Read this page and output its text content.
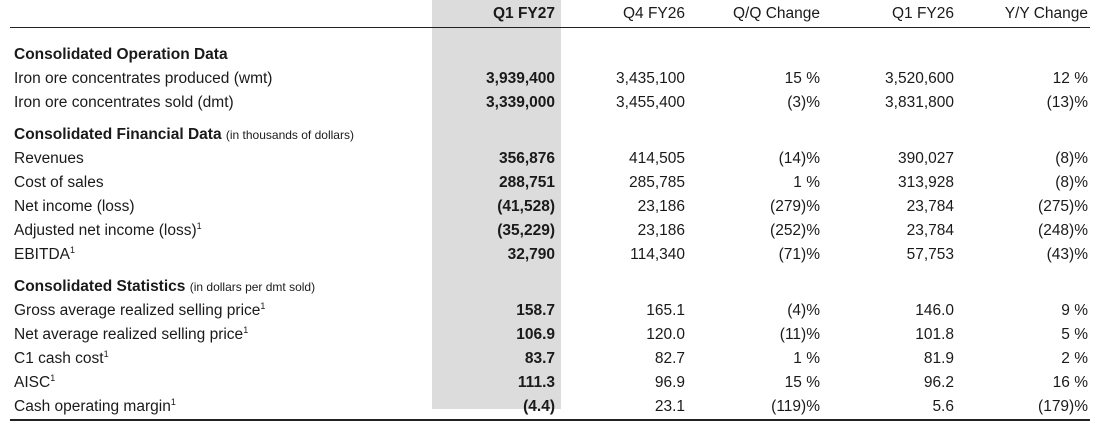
	Q1 FY27	Q4 FY26	Q/Q Change	Q1 FY26	Y/Y Change
Consolidated Operation Data					
Iron ore concentrates produced (wmt)	3,939,400	3,435,100	15 %	3,520,600	12 %
Iron ore concentrates sold (dmt)	3,339,000	3,455,400	(3)%	3,831,800	(13)%
Consolidated Financial Data (in thousands of dollars)					
Revenues	356,876	414,505	(14)%	390,027	(8)%
Cost of sales	288,751	285,785	1 %	313,928	(8)%
Net income (loss)	(41,528)	23,186	(279)%	23,784	(275)%
Adjusted net income (loss)$^1$	(35,229)	23,186	(252)%	23,784	(248)%
EBITDA$^1$	32,790	114,340	(71)%	57,753	(43)%
Consolidated Statistics (in dollars per dmt sold)					
Gross average realized selling price$^1$	158.7	165.1	(4)%	146.0	9 %
Net average realized selling price$^1$	106.9	120.0	(11)%	101.8	5 %
C1 cash cost$^1$	83.7	82.7	1 %	81.9	2 %
AISC$^1$	111.3	96.9	15 %	96.2	16 %
Cash operating margin$^1$	(4.4)	23.1	(119)%	5.6	(179)%
